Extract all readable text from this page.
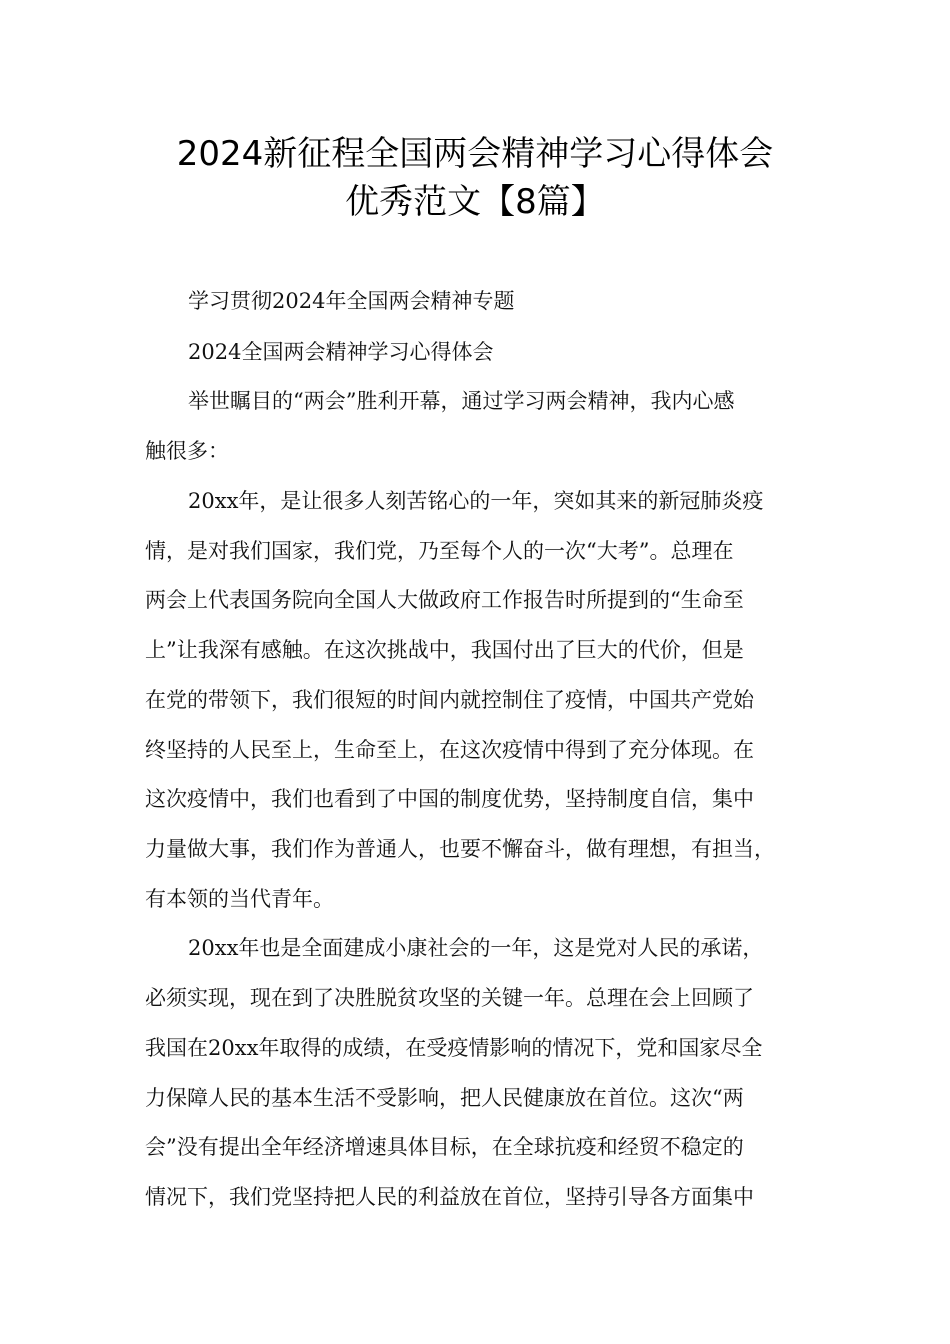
2024新征程全国两会精神学习心得体会
优秀范文【8篇】
学习贯彻2024年全国两会精神专题
2024全国两会精神学习心得体会
举世瞩目的“两会”胜利开幕，通过学习两会精神，我内心感
触很多：
20xx年，是让很多人刻苦铭心的一年，突如其来的新冠肺炎疫
情，是对我们国家，我们党，乃至每个人的一次“大考”。总理在
两会上代表国务院向全国人大做政府工作报告时所提到的“生命至
上”让我深有感触。在这次挑战中，我国付出了巨大的代价，但是
在党的带领下，我们很短的时间内就控制住了疫情，中国共产党始
终坚持的人民至上，生命至上，在这次疫情中得到了充分体现。在
这次疫情中，我们也看到了中国的制度优势，坚持制度自信，集中
力量做大事，我们作为普通人，也要不懈奋斗，做有理想，有担当，
有本领的当代青年。
20xx年也是全面建成小康社会的一年，这是党对人民的承诺，
必须实现，现在到了决胜脱贫攻坚的关键一年。总理在会上回顾了
我国在20xx年取得的成绩，在受疫情影响的情况下，党和国家尽全
力保障人民的基本生活不受影响，把人民健康放在首位。这次“两
会”没有提出全年经济增速具体目标，在全球抗疫和经贸不稳定的
情况下，我们党坚持把人民的利益放在首位，坚持引导各方面集中
